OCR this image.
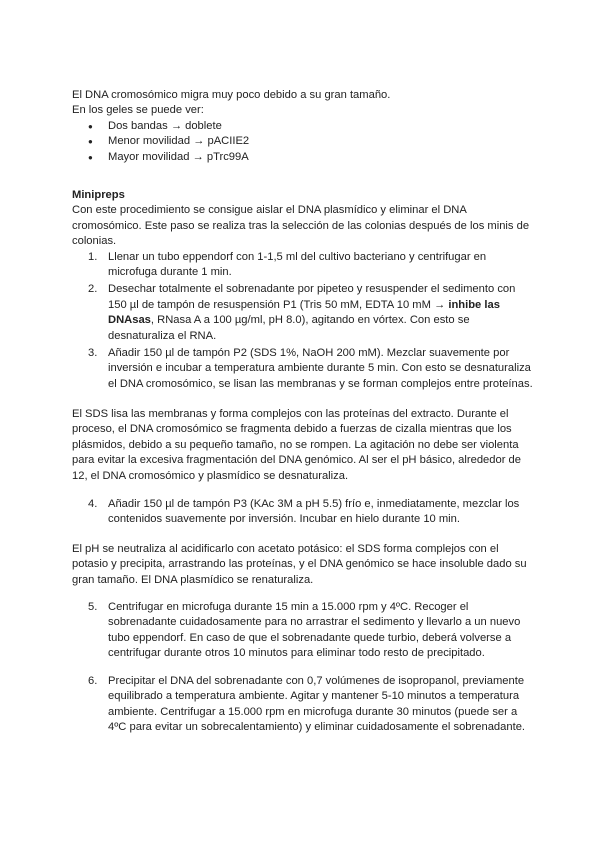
El DNA cromosómico migra muy poco debido a su gran tamaño.

En los geles se puede ver:

● Dos bandas → doblete
● Menor movilidad → pACIIE2
● Mayor movilidad → pTrc99A

Minipreps

Con este procedimiento se consigue aislar el DNA plasmídico y eliminar el DNA cromosómico. Este paso se realiza tras la selección de las colonias después de los minis de colonias.

1. Llenar un tubo eppendorf con 1-1,5 ml del cultivo bacteriano y centrifugar en microfuga durante 1 min.
2. Desechar totalmente el sobrenadante por pipeteo y resuspender el sedimento con 150 µl de tampón de resuspensión P1 (Tris 50 mM, EDTA 10 mM → inhibe las DNAsas, RNasa A a 100 µg/ml, pH 8.0), agitando en vórtex. Con esto se desnaturaliza el RNA.
3. Añadir 150 µl de tampón P2 (SDS 1%, NaOH 200 mM). Mezclar suavemente por inversión e incubar a temperatura ambiente durante 5 min. Con esto se desnaturaliza el DNA cromosómico, se lisan las membranas y se forman complejos entre proteínas.

El SDS lisa las membranas y forma complejos con las proteínas del extracto. Durante el proceso, el DNA cromosómico se fragmenta debido a fuerzas de cizalla mientras que los plásmidos, debido a su pequeño tamaño, no se rompen. La agitación no debe ser violenta para evitar la excesiva fragmentación del DNA genómico. Al ser el pH básico, alrededor de 12, el DNA cromosómico y plasmídico se desnaturaliza.

4. Añadir 150 µl de tampón P3 (KAc 3M a pH 5.5) frío e, inmediatamente, mezclar los contenidos suavemente por inversión. Incubar en hielo durante 10 min.

El pH se neutraliza al acidificarlo con acetato potásico: el SDS forma complejos con el potasio y precipita, arrastrando las proteínas, y el DNA genómico se hace insoluble dado su gran tamaño. El DNA plasmídico se renaturaliza.

5. Centrifugar en microfuga durante 15 min a 15.000 rpm y 4ºC. Recoger el sobrenadante cuidadosamente para no arrastrar el sedimento y llevarlo a un nuevo tubo eppendorf. En caso de que el sobrenadante quede turbio, deberá volverse a centrifugar durante otros 10 minutos para eliminar todo resto de precipitado.
6. Precipitar el DNA del sobrenadante con 0,7 volúmenes de isopropanol, previamente equilibrado a temperatura ambiente. Agitar y mantener 5-10 minutos a temperatura ambiente. Centrifugar a 15.000 rpm en microfuga durante 30 minutos (puede ser a 4ºC para evitar un sobrecalentamiento) y eliminar cuidadosamente el sobrenadante.
